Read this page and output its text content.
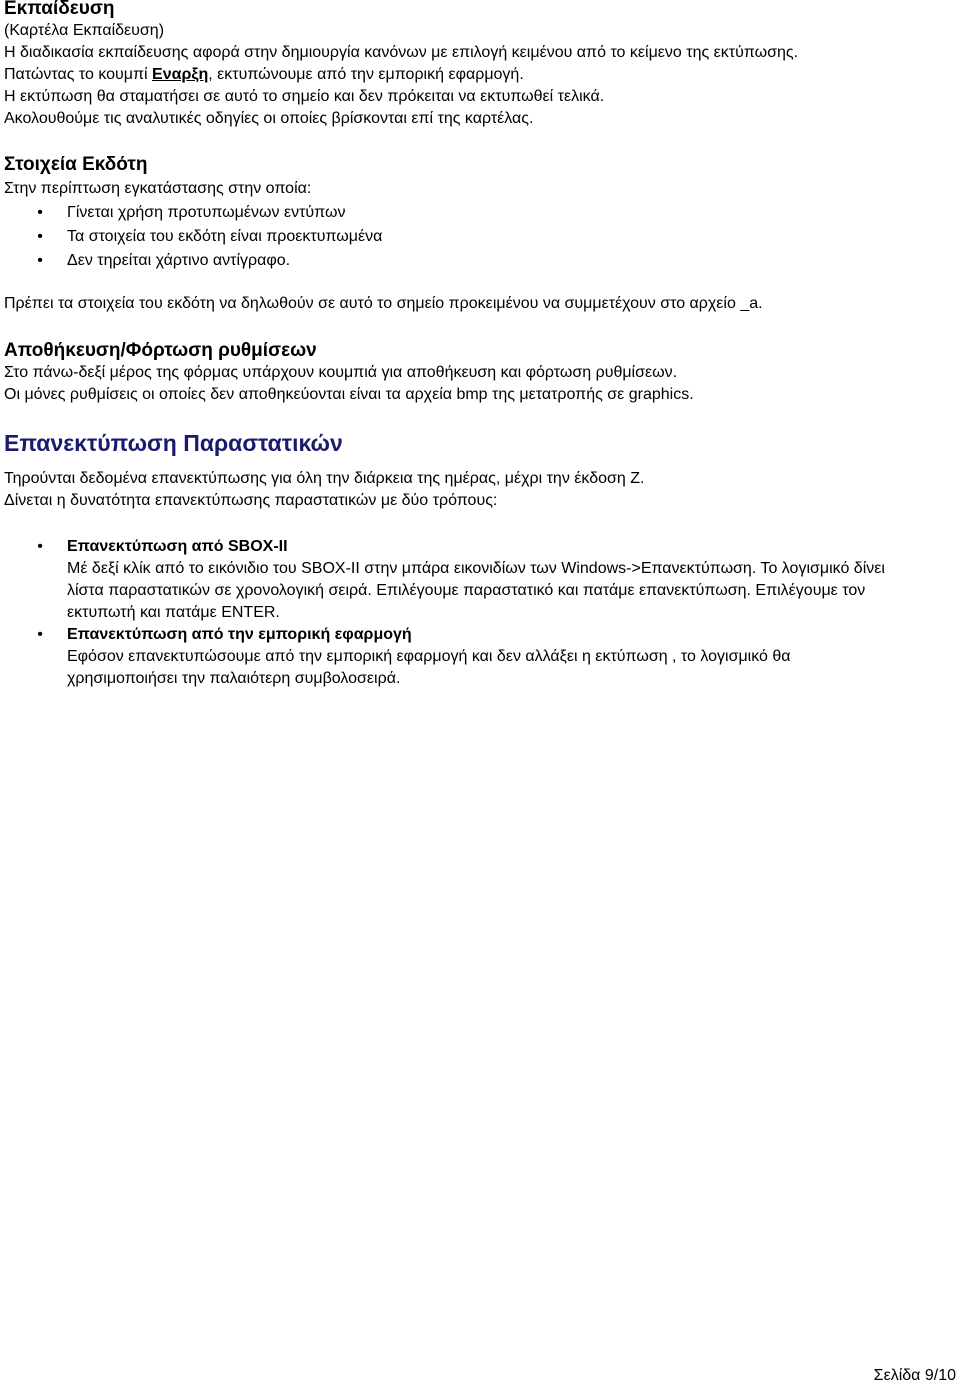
Εκπαίδευση

(Καρτέλα Εκπαίδευση)

Η διαδικασία εκπαίδευσης αφορά στην δημιουργία κανόνων με επιλογή κειμένου από το κείμενο της εκτύπωσης.

Πατώντας το κουμπί Εναρξη, εκτυπώνουμε από την εμπορική εφαρμογή.

Η εκτύπωση θα σταματήσει σε αυτό το σημείο και δεν πρόκειται να εκτυπωθεί τελικά.

Ακολουθούμε τις αναλυτικές οδηγίες οι οποίες βρίσκονται επί της καρτέλας.

Στοιχεία Εκδότη

Στην περίπτωση εγκατάστασης στην οποία:

• Γίνεται χρήση προτυπωμένων εντύπων
• Τα στοιχεία του εκδότη είναι προεκτυπωμένα
• Δεν τηρείται χάρτινο αντίγραφο.

Πρέπει τα στοιχεία του εκδότη να δηλωθούν σε αυτό το σημείο προκειμένου να συμμετέχουν στο αρχείο _a.

Αποθήκευση/Φόρτωση ρυθμίσεων

Στο πάνω-δεξί μέρος της φόρμας υπάρχουν κουμπιά για αποθήκευση και φόρτωση ρυθμίσεων.

Οι μόνες ρυθμίσεις οι οποίες δεν αποθηκεύονται είναι τα αρχεία bmp της μετατροπής σε graphics.

Επανεκτύπωση Παραστατικών

Τηρούνται δεδομένα επανεκτύπωσης για όλη την διάρκεια της ημέρας, μέχρι την έκδοση Ζ.

Δίνεται η δυνατότητα επανεκτύπωσης παραστατικών με δύο τρόπους:

• Επανεκτύπωση από SBOX-II
Μέ δεξί κλίκ από το εικόνιδιο του SBOX-II στην μπάρα εικονιδίων των Windows->Επανεκτύπωση. Το λογισμικό δίνει λίστα παραστατικών σε χρονολογική σειρά. Επιλέγουμε παραστατικό και πατάμε επανεκτύπωση. Επιλέγουμε τον εκτυπωτή και πατάμε ENTER.
• Επανεκτύπωση από την εμπορική εφαρμογή
Εφόσον επανεκτυπώσουμε από την εμπορική εφαρμογή και δεν αλλάξει η εκτύπωση , το λογισμικό θα χρησιμοποιήσει την παλαιότερη συμβολοσειρά.
Σελίδα 9/10
